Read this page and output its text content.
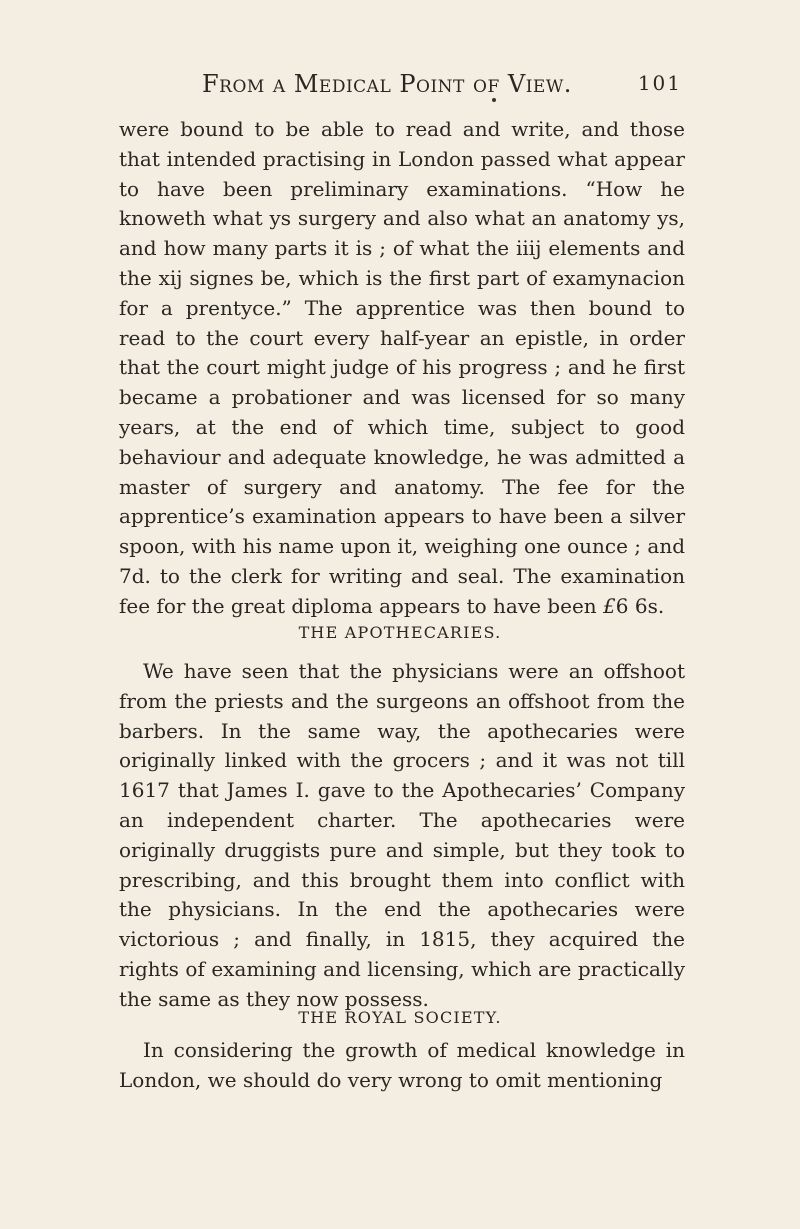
From a Medical Point of View.	101
were bound to be able to read and write, and those that intended practising in London passed what appear to have been preliminary examinations. “How he knoweth what ys surgery and also what an anatomy ys, and how many parts it is ; of what the iiij elements and the xij signes be, which is the first part of examynacion for a prentyce.” The apprentice was then bound to read to the court every half-year an epistle, in order that the court might judge of his progress ; and he first became a probationer and was licensed for so many years, at the end of which time, subject to good behaviour and adequate knowledge, he was admitted a master of surgery and anatomy. The fee for the apprentice’s examination appears to have been a silver spoon, with his name upon it, weighing one ounce ; and 7d. to the clerk for writing and seal. The examination fee for the great diploma appears to have been £6 6s.
THE APOTHECARIES.
We have seen that the physicians were an offshoot from the priests and the surgeons an offshoot from the barbers. In the same way, the apothecaries were originally linked with the grocers ; and it was not till 1617 that James I. gave to the Apothecaries’ Company an independent charter. The apothecaries were originally druggists pure and simple, but they took to prescribing, and this brought them into conflict with the physicians. In the end the apothecaries were victorious ; and finally, in 1815, they acquired the rights of examining and licensing, which are practically the same as they now possess.
THE ROYAL SOCIETY.
In considering the growth of medical knowledge in London, we should do very wrong to omit mentioning
